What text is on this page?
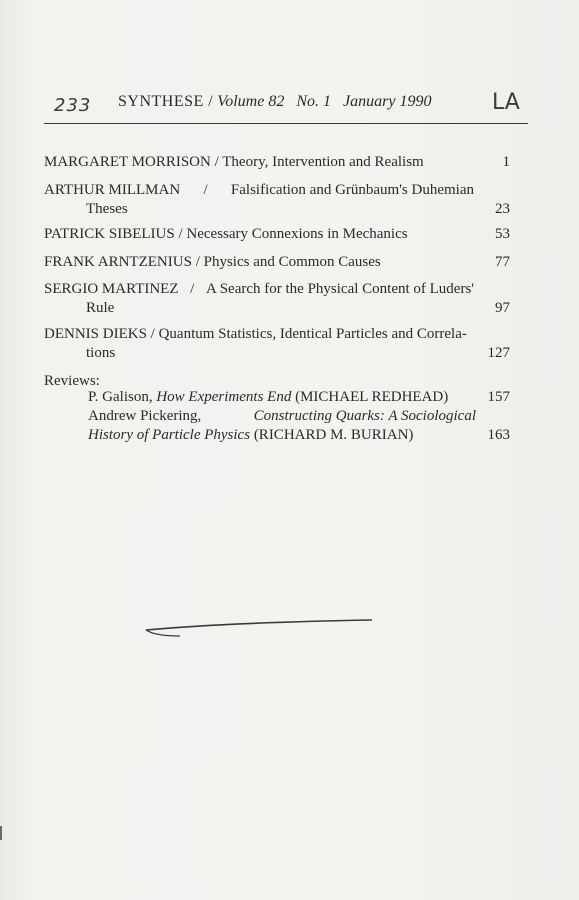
233 SYNTHESE / Volume 82 No. 1 January 1990	LA
MARGARET MORRISON / Theory, Intervention and Realism	1
ARTHUR MILLMAN / Falsification and Grünbaum's Duhemian
Theses	23
PATRICK SIBELIUS / Necessary Connexions in Mechanics	53
FRANK ARNTZENIUS / Physics and Common Causes	77
SERGIO MARTINEZ / A Search for the Physical Content of Luders'
Rule	97
DENNIS DIEKS / Quantum Statistics, Identical Particles and Correla-
tions	127
Reviews:
P. Galison, How Experiments End (MICHAEL REDHEAD)	157
Andrew Pickering,	Constructing Quarks: A Sociological
History of Particle Physics (RICHARD M. BURIAN)	163
